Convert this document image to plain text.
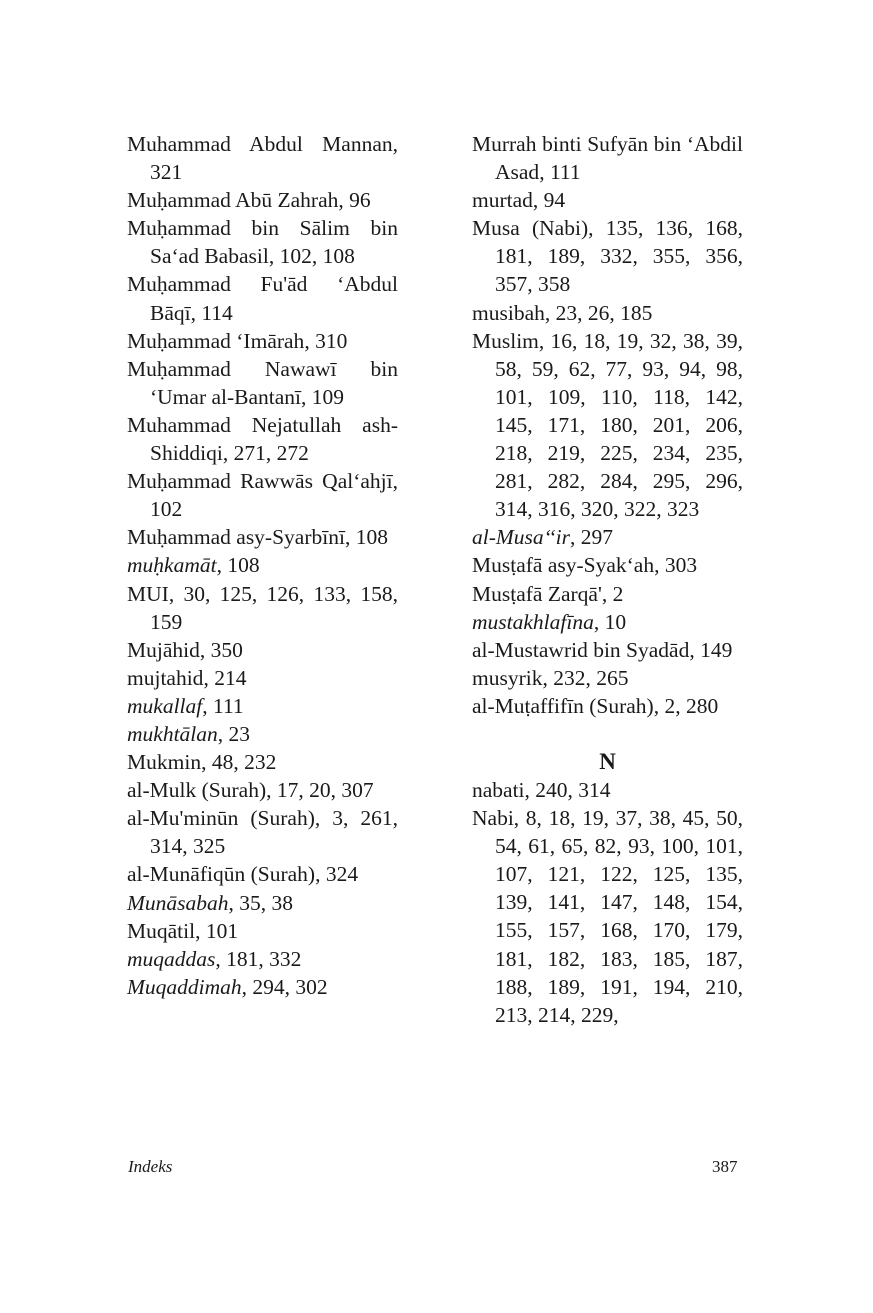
Muhammad Abdul Mannan, 321

Muḥammad Abū Zahrah, 96

Muḥammad bin Sālim bin Sa‘ad Babasil, 102, 108

Muḥammad Fu'ād ‘Abdul Bāqī, 114

Muḥammad ‘Imārah, 310

Muḥammad Nawawī bin ‘Umar al-Bantanī, 109

Muhammad Nejatullah ash-Shiddiqi, 271, 272

Muḥammad Rawwās Qal‘ahjī, 102

Muḥammad asy-Syarbīnī, 108

muḥkamāt, 108

MUI, 30, 125, 126, 133, 158, 159

Mujāhid, 350

mujtahid, 214

mukallaf, 111

mukhtālan, 23

Mukmin, 48, 232

al-Mulk (Surah), 17, 20, 307

al-Mu'minūn (Surah), 3, 261, 314, 325

al-Munāfiqūn (Surah), 324

Munāsabah, 35, 38

Muqātil, 101

muqaddas, 181, 332

Muqaddimah, 294, 302

Murrah binti Sufyān bin ‘Abdil Asad, 111

murtad, 94

Musa (Nabi), 135, 136, 168, 181, 189, 332, 355, 356, 357, 358

musibah, 23, 26, 185

Muslim, 16, 18, 19, 32, 38, 39, 58, 59, 62, 77, 93, 94, 98, 101, 109, 110, 118, 142, 145, 171, 180, 201, 206, 218, 219, 225, 234, 235, 281, 282, 284, 295, 296, 314, 316, 320, 322, 323

al-Musa‘‘ir, 297

Musṭafā asy-Syak‘ah, 303

Musṭafā Zarqā', 2

mustakhlafīna, 10

al-Mustawrid bin Syadād, 149

musyrik, 232, 265

al-Muṭaffifīn (Surah), 2, 280

N

nabati, 240, 314

Nabi, 8, 18, 19, 37, 38, 45, 50, 54, 61, 65, 82, 93, 100, 101, 107, 121, 122, 125, 135, 139, 141, 147, 148, 154, 155, 157, 168, 170, 179, 181, 182, 183, 185, 187, 188, 189, 191, 194, 210, 213, 214, 229,

Indeks	387
